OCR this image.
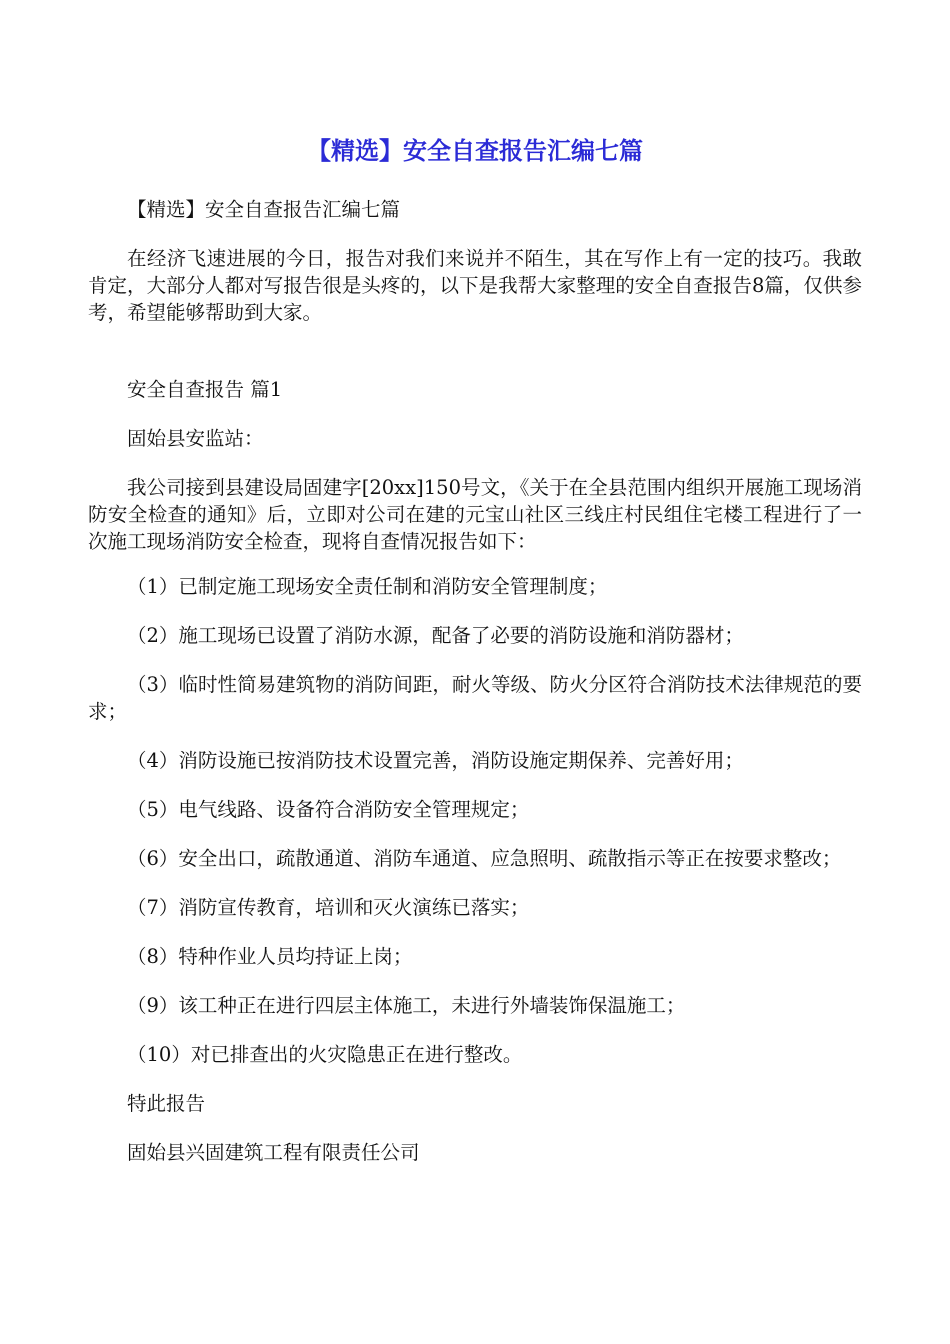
【精选】安全自查报告汇编七篇

【精选】安全自查报告汇编七篇

在经济飞速进展的今日，报告对我们来说并不陌生，其在写作上有一定的技巧。我敢肯定，大部分人都对写报告很是头疼的，以下是我帮大家整理的安全自查报告8篇，仅供参考，希望能够帮助到大家。

安全自查报告 篇1

固始县安监站：

我公司接到县建设局固建字[20xx]150号文，《关于在全县范围内组织开展施工现场消防安全检查的通知》后，立即对公司在建的元宝山社区三线庄村民组住宅楼工程进行了一次施工现场消防安全检查，现将自查情况报告如下：

（1）已制定施工现场安全责任制和消防安全管理制度；

（2）施工现场已设置了消防水源，配备了必要的消防设施和消防器材；

（3）临时性简易建筑物的消防间距，耐火等级、防火分区符合消防技术法律规范的要求；

（4）消防设施已按消防技术设置完善，消防设施定期保养、完善好用；

（5）电气线路、设备符合消防安全管理规定；

（6）安全出口，疏散通道、消防车通道、应急照明、疏散指示等正在按要求整改；

（7）消防宣传教育，培训和灭火演练已落实；

（8）特种作业人员均持证上岗；

（9）该工种正在进行四层主体施工，未进行外墙装饰保温施工；

（10）对已排查出的火灾隐患正在进行整改。

特此报告

固始县兴固建筑工程有限责任公司
